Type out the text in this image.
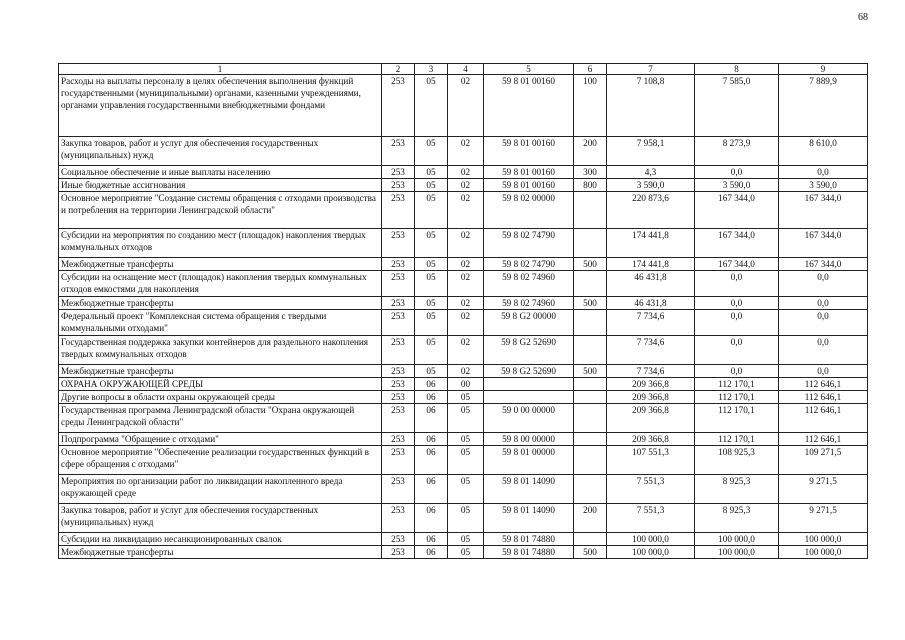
68
1	2	3	4	5	6	7	8	9
Расходы на выплаты персоналу в целях обеспечения выполнения функций государственными (муниципальными) органами, казенными учреждениями, органами управления государственными внебюджетными фондами	253	05	02	59 8 01 00160	100	7 108,8	7 585,0	7 889,9
Закупка товаров, работ и услуг для обеспечения государственных (муниципальных) нужд	253	05	02	59 8 01 00160	200	7 958,1	8 273,9	8 610,0
Социальное обеспечение и иные выплаты населению	253	05	02	59 8 01 00160	300	4,3	0,0	0,0
Иные бюджетные ассигнования	253	05	02	59 8 01 00160	800	3 590,0	3 590,0	3 590,0
Основное мероприятие "Создание системы обращения с отходами производства и потребления на территории Ленинградской области"	253	05	02	59 8 02 00000		220 873,6	167 344,0	167 344,0
Субсидии на мероприятия по созданию мест (площадок) накопления твердых коммунальных отходов	253	05	02	59 8 02 74790		174 441,8	167 344,0	167 344,0
Межбюджетные трансферты	253	05	02	59 8 02 74790	500	174 441,8	167 344,0	167 344,0
Субсидии на оснащение мест (площадок) накопления твердых коммунальных отходов емкостями для накопления	253	05	02	59 8 02 74960		46 431,8	0,0	0,0
Межбюджетные трансферты	253	05	02	59 8 02 74960	500	46 431,8	0,0	0,0
Федеральный проект "Комплексная система обращения с твердыми коммунальными отходами"	253	05	02	59 8 G2 00000		7 734,6	0,0	0,0
Государственная поддержка закупки контейнеров для раздельного накопления твердых коммунальных отходов	253	05	02	59 8 G2 52690		7 734,6	0,0	0,0
Межбюджетные трансферты	253	05	02	59 8 G2 52690	500	7 734,6	0,0	0,0
ОХРАНА ОКРУЖАЮЩЕЙ СРЕДЫ	253	06	00			209 366,8	112 170,1	112 646,1
Другие вопросы в области охраны окружающей среды	253	06	05			209 366,8	112 170,1	112 646,1
Государственная программа Ленинградской области "Охрана окружающей среды Ленинградской области"	253	06	05	59 0 00 00000		209 366,8	112 170,1	112 646,1
Подпрограмма "Обращение с отходами"	253	06	05	59 8 00 00000		209 366,8	112 170,1	112 646,1
Основное мероприятие "Обеспечение реализации государственных функций в сфере обращения с отходами"	253	06	05	59 8 01 00000		107 551,3	108 925,3	109 271,5
Мероприятия по организации работ по ликвидации накопленного вреда окружающей среде	253	06	05	59 8 01 14090		7 551,3	8 925,3	9 271,5
Закупка товаров, работ и услуг для обеспечения государственных (муниципальных) нужд	253	06	05	59 8 01 14090	200	7 551,3	8 925,3	9 271,5
Субсидии на ликвидацию несанкционированных свалок	253	06	05	59 8 01 74880		100 000,0	100 000,0	100 000,0
Межбюджетные трансферты	253	06	05	59 8 01 74880	500	100 000,0	100 000,0	100 000,0
